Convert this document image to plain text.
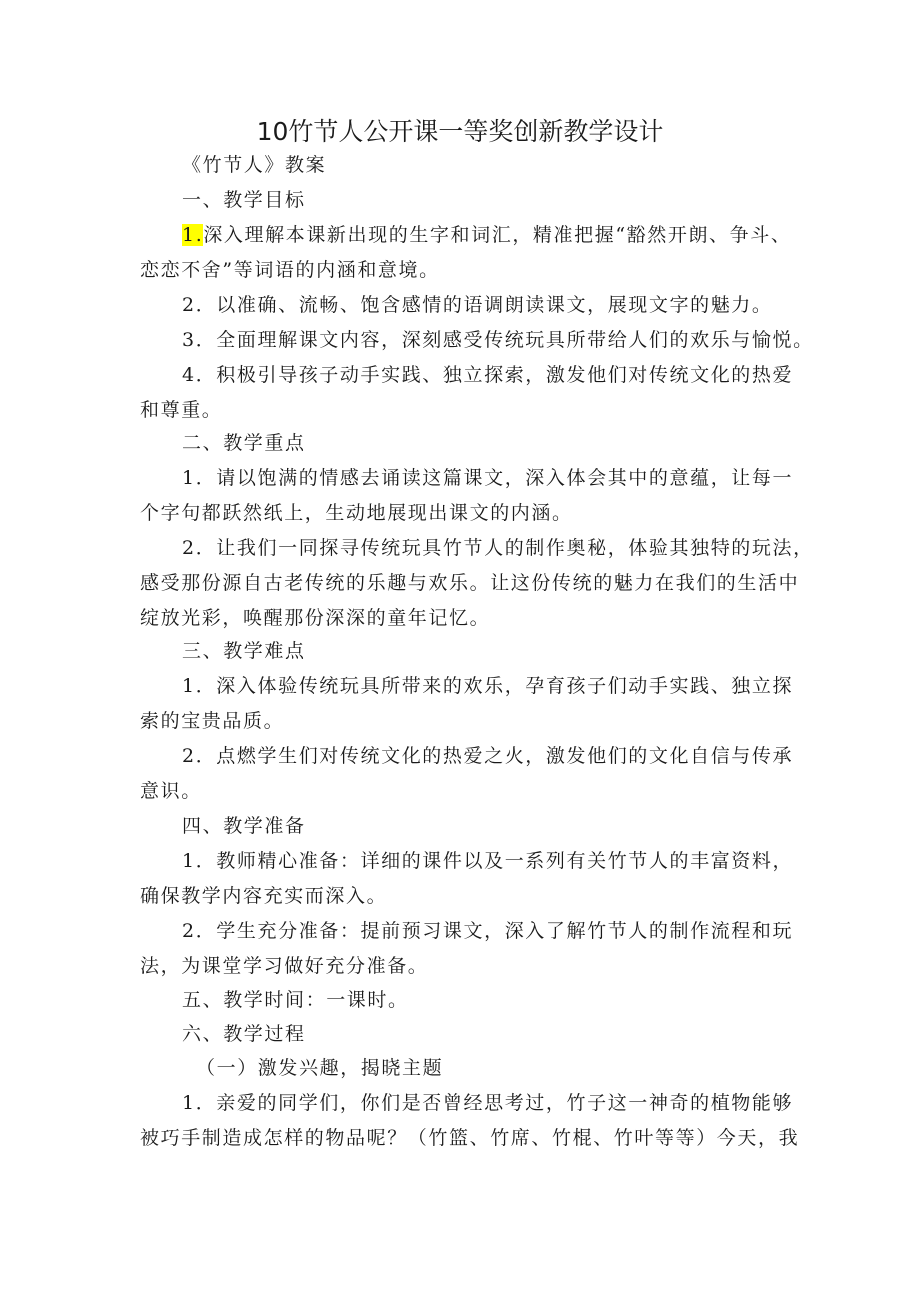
10竹节人公开课一等奖创新教学设计
《竹节人》教案
一、教学目标
1.深入理解本课新出现的生字和词汇，精准把握“豁然开朗、争斗、
恋恋不舍”等词语的内涵和意境。
2．以准确、流畅、饱含感情的语调朗读课文，展现文字的魅力。
3．全面理解课文内容，深刻感受传统玩具所带给人们的欢乐与愉悦。
4．积极引导孩子动手实践、独立探索，激发他们对传统文化的热爱
和尊重。
二、教学重点
1．请以饱满的情感去诵读这篇课文，深入体会其中的意蕴，让每一
个字句都跃然纸上，生动地展现出课文的内涵。
2．让我们一同探寻传统玩具竹节人的制作奥秘，体验其独特的玩法，
感受那份源自古老传统的乐趣与欢乐。让这份传统的魅力在我们的生活中
绽放光彩，唤醒那份深深的童年记忆。
三、教学难点
1．深入体验传统玩具所带来的欢乐，孕育孩子们动手实践、独立探
索的宝贵品质。
2．点燃学生们对传统文化的热爱之火，激发他们的文化自信与传承
意识。
四、教学准备
1．教师精心准备：详细的课件以及一系列有关竹节人的丰富资料，
确保教学内容充实而深入。
2．学生充分准备：提前预习课文，深入了解竹节人的制作流程和玩
法，为课堂学习做好充分准备。
五、教学时间：一课时。
六、教学过程
（一）激发兴趣，揭晓主题
1．亲爱的同学们，你们是否曾经思考过，竹子这一神奇的植物能够
被巧手制造成怎样的物品呢？（竹篮、竹席、竹棍、竹叶等等）今天，我
